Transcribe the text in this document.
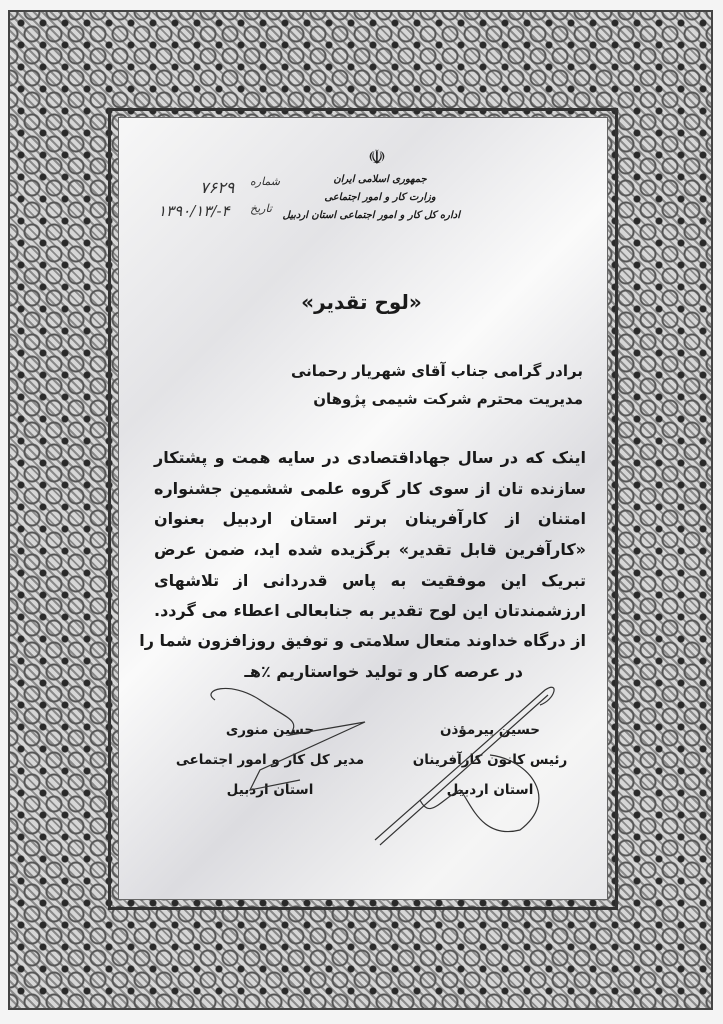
☫
جمهوری اسلامی ایران
وزارت کار و امور اجتماعی
اداره کل کار و امور اجتماعی استان اردبیل
شماره
۷۶۲۹
تاریخ
۱۳۹۰/۱۳/-۴
«لوح تقدیر»
برادر گرامی جناب آقای شهریار رحمانی
مدیریت محترم شرکت شیمی پژوهان
اینک که در سال جهاداقتصادی در سایه همت و پشتکار
سازنده تان از سوی کار گروه علمی ششمین جشنواره
امتنان از کارآفرینان برتر استان اردبیل بعنوان
«کارآفرین قابل تقدیر» برگزیده شده اید، ضمن عرض
تبریک این موفقیت به پاس قدردانی از تلاشهای
ارزشمندتان این لوح تقدیر به جنابعالی اعطاء می گردد.
از درگاه خداوند متعال سلامتی و توفیق روزافزون شما را
در عرصه کار و تولید خواستاریم ٪هـ
حسین منوری
مدیر کل کار و امور اجتماعی
استان اردبیل
حسین پیرمؤذن
رئیس کانون کارآفرینان
استان اردبیل
